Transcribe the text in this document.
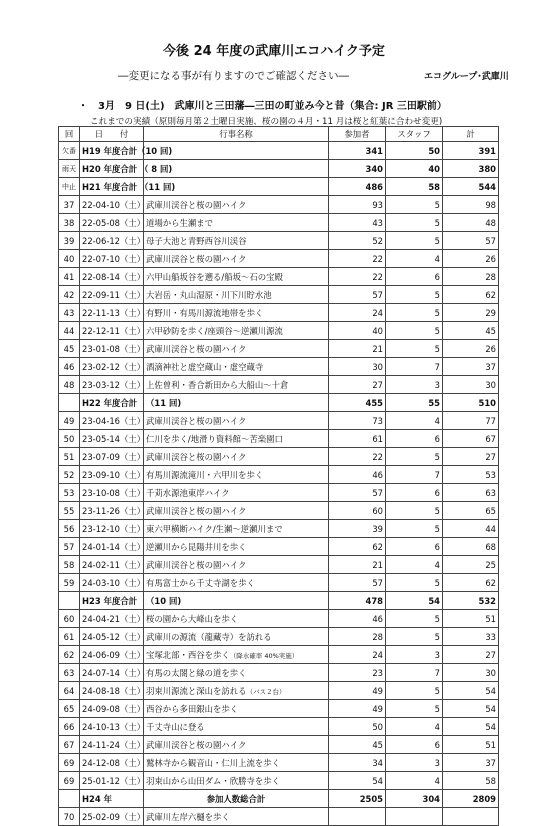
今後 24 年度の武庫川エコハイク予定
―変更になる事が有りますのでご確認ください―	エコグループ･武庫川
・　3月　9 日(土)　武庫川と三田藩―三田の町並み今と昔（集合: JR 三田駅前）
これまでの実績（原則毎月第２土曜日実施、桜の園の４月・11 月は桜と紅葉に合わせ変更)
回	日　　付	行事名称	参加者	スタッフ	計
欠番	H19 年度合計（10 回)		341	50	391
雨天	H20 年度合計 （ 8 回)		340	40	380
中止	H21 年度合計 （11 回)		486	58	544
37	22-04-10（土）	武庫川渓谷と桜の園ハイク	93	5	98
38	22-05-08（土）	道場から生瀬まで	43	5	48
39	22-06-12（土）	母子大池と青野西谷川渓谷	52	5	57
40	22-07-10（土）	武庫川渓谷と桜の園ハイク	22	4	26
41	22-08-14（土）	六甲山船坂谷を遡る/船坂～石の宝殿	22	6	28
42	22-09-11（土）	大岩岳・丸山湿原・川下川貯水池	57	5	62
43	22-11-13（土）	有野川・有馬川源流地帯を歩く	24	5	29
44	22-12-11（土）	六甲砂防を歩く/座頭谷～逆瀬川源流	40	5	45
45	23-01-08（土）	武庫川渓谷と桜の園ハイク	21	5	26
46	23-02-12（土）	酒滴神社と虚空蔵山・虚空蔵寺	30	7	37
48	23-03-12（土）	上佐曽利・香合新田から大船山～十倉	27	3	30
	H22 年度合計	（11 回)	455	55	510
49	23-04-16（土）	武庫川渓谷と桜の園ハイク	73	4	77
50	23-05-14（土）	仁川を歩く/地滑り資料館～苦楽園口	61	6	67
51	23-07-09（土）	武庫川渓谷と桜の園ハイク	22	5	27
52	23-09-10（土）	有馬川源流滝川・六甲川を歩く	46	7	53
53	23-10-08（土）	千苅水源池東岸ハイク	57	6	63
55	23-11-26（土）	武庫川渓谷と桜の園ハイク	60	5	65
56	23-12-10（土）	東六甲横断ハイク/生瀬～逆瀬川まで	39	5	44
57	24-01-14（土）	逆瀬川から昆陽井川を歩く	62	6	68
58	24-02-11（土）	武庫川渓谷と桜の園ハイク	21	4	25
59	24-03-10（土）	有馬富士から千丈寺湖を歩く	57	5	62
	H23 年度合計	（10 回)	478	54	532
60	24-04-21（土）	桜の園から大峰山を歩く	46	5	51
61	24-05-12（土）	武庫川の源流（龍藏寺）を訪れる	28	5	33
62	24-06-09（土）	宝塚北部・西谷を歩く（降水確率 40%実施）	24	3	27
63	24-07-14（土）	有馬の太閤と緑の道を歩く	23	7	30
64	24-08-18（土）	羽束川源流と深山を訪れる（バス２台）	49	5	54
65	24-09-08（土）	西谷から多田銀山を歩く	49	5	54
66	24-10-13（土）	千丈寺山に登る	50	4	54
67	24-11-24（土）	武庫川渓谷と桜の園ハイク	45	6	51
69	24-12-08（土）	鷲林寺から観音山・仁川上流を歩く	34	3	37
69	25-01-12（土）	羽束山から山田ダム・欣勝寺を歩く	54	4	58
	H24 年	参加人数総合計	2505	304	2809
70	25-02-09（土）	武庫川左岸六樋を歩く			
